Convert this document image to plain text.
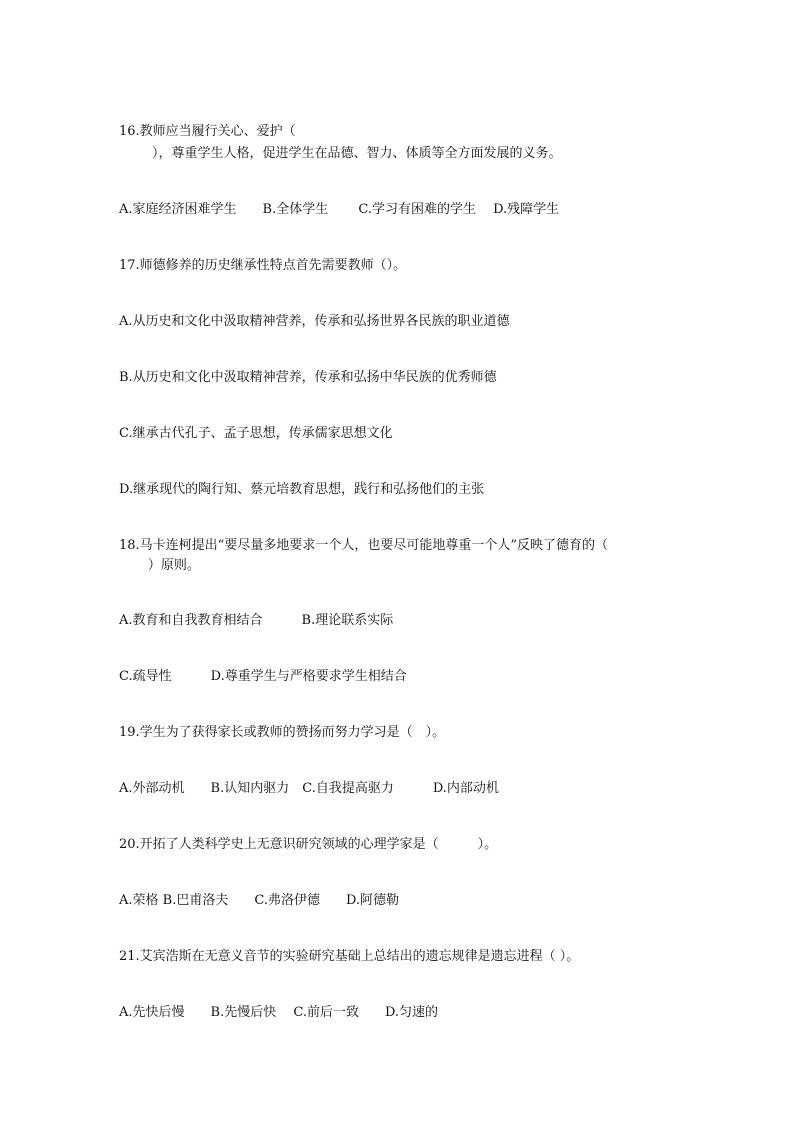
16.教师应当履行关心、爱护（
），尊重学生人格，促进学生在品德、智力、体质等全方面发展的义务。
A.家庭经济困难学生　　B.全体学生　　 C.学习有困难的学生　 D.残障学生
17.师德修养的历史继承性特点首先需要教师（）。
A.从历史和文化中汲取精神营养，传承和弘扬世界各民族的职业道德
B.从历史和文化中汲取精神营养，传承和弘扬中华民族的优秀师德
C.继承古代孔子、孟子思想，传承儒家思想文化
D.继承现代的陶行知、蔡元培教育思想，践行和弘扬他们的主张
18.马卡连柯提出“要尽量多地要求一个人，也要尽可能地尊重一个人”反映了德育的（
）原则。
A.教育和自我教育相结合　　　B.理论联系实际
C.疏导性　　　D.尊重学生与严格要求学生相结合
19.学生为了获得家长或教师的赞扬而努力学习是（　）。
A.外部动机　　B.认知内驱力　C.自我提高驱力　　　D.内部动机
20.开拓了人类科学史上无意识研究领域的心理学家是（　　　）。
A.荣格 B.巴甫洛夫　　C.弗洛伊德　　D.阿德勒
21.艾宾浩斯在无意义音节的实验研究基础上总结出的遗忘规律是遗忘进程（ ）。
A.先快后慢　　B.先慢后快　 C.前后一致　　D.匀速的
